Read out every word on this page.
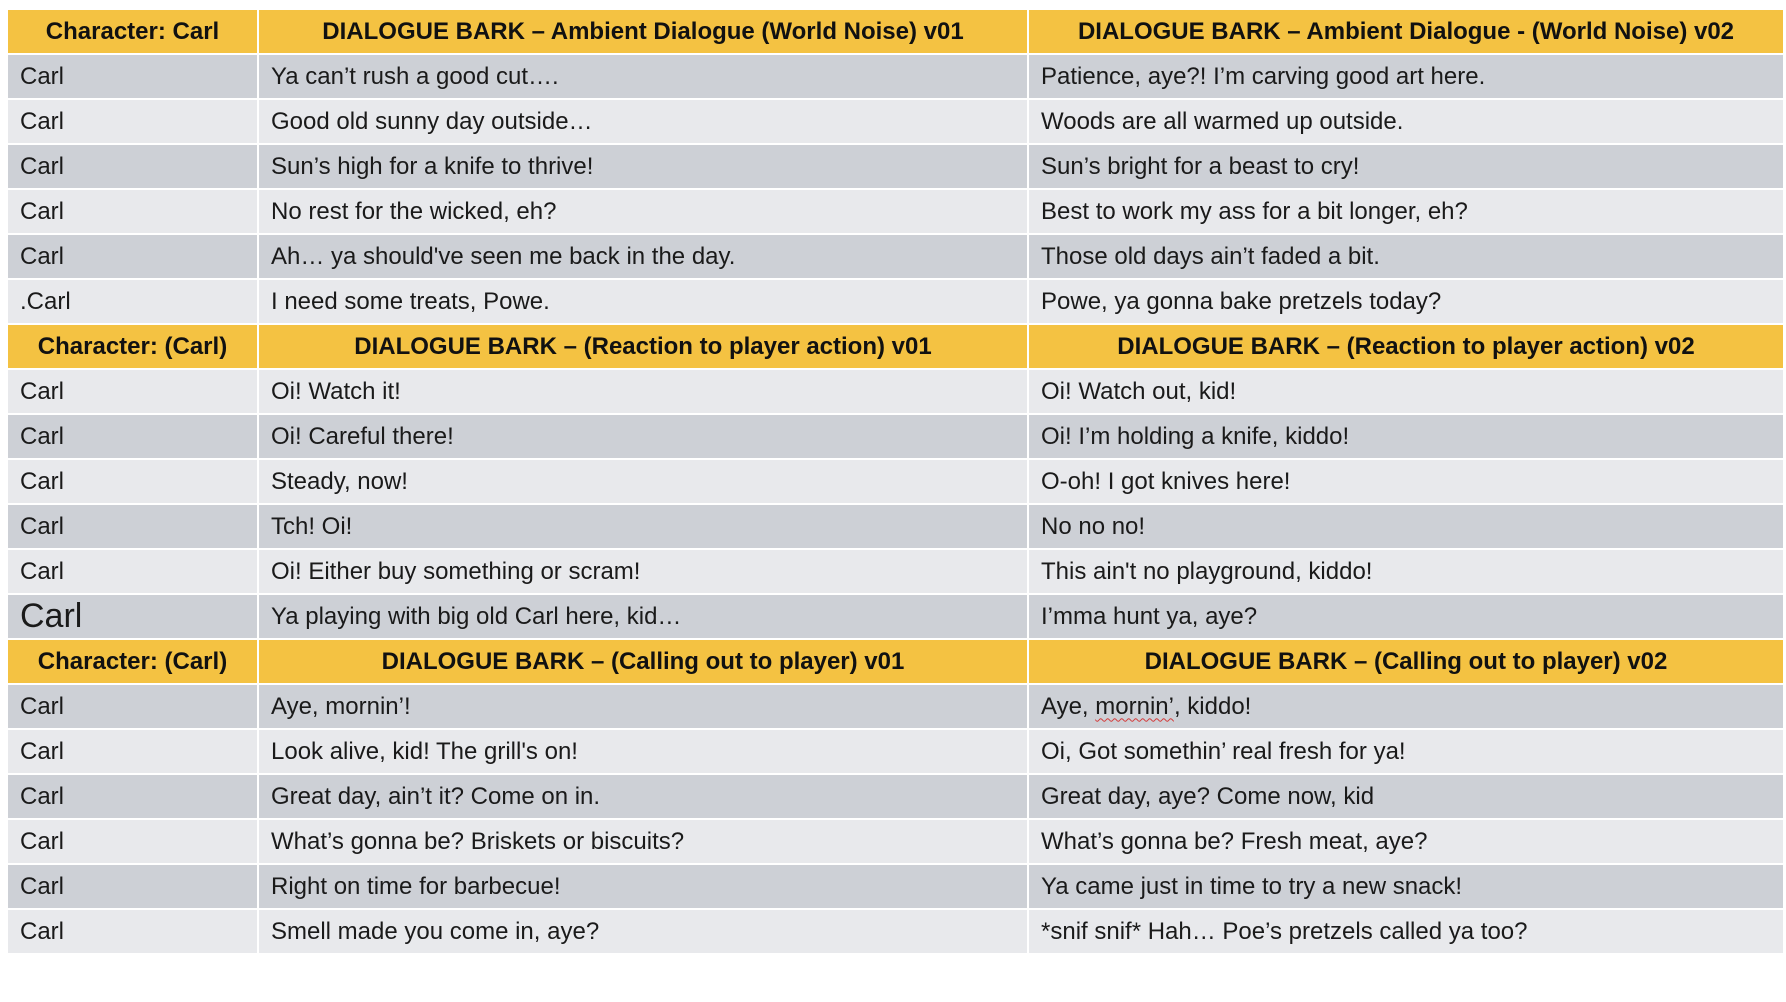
Character: Carl	DIALOGUE BARK – Ambient Dialogue (World Noise) v01	DIALOGUE BARK – Ambient Dialogue - (World Noise) v02
Carl	Ya can’t rush a good cut….	Patience, aye?! I’m carving good art here.
Carl	Good old sunny day outside…	Woods are all warmed up outside.
Carl	Sun’s high for a knife to thrive!	Sun’s bright for a beast to cry!
Carl	No rest for the wicked, eh?	Best to work my ass for a bit longer, eh?
Carl	Ah… ya should've seen me back in the day.	Those old days ain’t faded a bit.
.Carl	I need some treats, Powe.	Powe, ya gonna bake pretzels today?
Character: (Carl)	DIALOGUE BARK – (Reaction to player action) v01	DIALOGUE BARK – (Reaction to player action) v02
Carl	Oi! Watch it!	Oi! Watch out, kid!
Carl	Oi! Careful there!	Oi! I’m holding a knife, kiddo!
Carl	Steady, now!	O-oh! I got knives here!
Carl	Tch! Oi!	No no no!
Carl	Oi! Either buy something or scram!	This ain't no playground, kiddo!
Carl	Ya playing with big old Carl here, kid…	I’mma hunt ya, aye?
Character: (Carl)	DIALOGUE BARK – (Calling out to player) v01	DIALOGUE BARK – (Calling out to player) v02
Carl	Aye, mornin’!	Aye, mornin’, kiddo!
Carl	Look alive, kid! The grill's on!	Oi, Got somethin’ real fresh for ya!
Carl	Great day, ain’t it? Come on in.	Great day, aye? Come now, kid
Carl	What’s gonna be? Briskets or biscuits?	What’s gonna be? Fresh meat, aye?
Carl	Right on time for barbecue!	Ya came just in time to try a new snack!
Carl	Smell made you come in, aye?	*snif snif* Hah… Poe’s pretzels called ya too?
